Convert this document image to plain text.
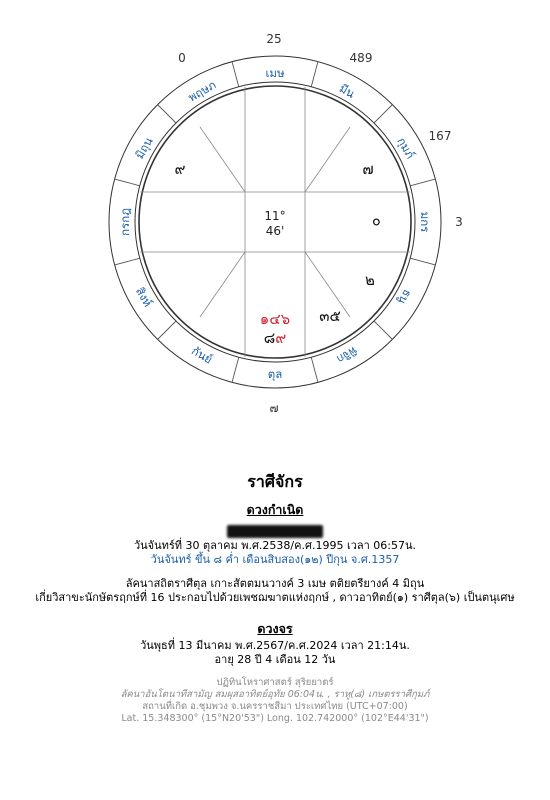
25
0	489
167
3
๗
เมษ
มีน
กุมภ์
มกร
ธนู
พิจิก
ตุล
กันย์
สิงห์
กรกฎ
มิถุน
พฤษภ
๙	๗
๐
๒
๓๕
๑๔๖
๘๙
11°
46'
ราศีจักร
ดวงกำเนิด
วันจันทร์ที่ 30 ตุลาคม พ.ศ.2538/ค.ศ.1995 เวลา 06:57น.
วันจันทร์ ขึ้น ๘ ค่ำ เดือนสิบสอง(๑๒) ปีกุน จ.ศ.1357
ลัคนาสถิตราศีตุล เกาะสัตตมนวางค์ 3 เมษ ตติยตรียางค์ 4 มิถุน
เกี่ยวิสาขะนักษัตรฤกษ์ที่ 16 ประกอบไปด้วยเพชฌฆาตแห่งฤกษ์ , ดาวอาทิตย์(๑) ราศีตุล(๖) เป็นตนุเศษ
ดวงจร
วันพุธที่ 13 มีนาคม พ.ศ.2567/ค.ศ.2024 เวลา 21:14น.
อายุ 28 ปี 4 เดือน 12 วัน
ปฏิทินโหราศาสตร์ สุริยยาตร์
ลัคนาอันโตนาทีสามัญ สมผุสอาทิตย์อุทัย 06:04น. , ราหู(๘) เกษตรราศีกุมภ์
สถานที่เกิด อ.ชุมพวง จ.นครราชสีมา ประเทศไทย (UTC+07:00)
Lat. 15.348300° (15°N20'53") Long. 102.742000° (102°E44'31")
